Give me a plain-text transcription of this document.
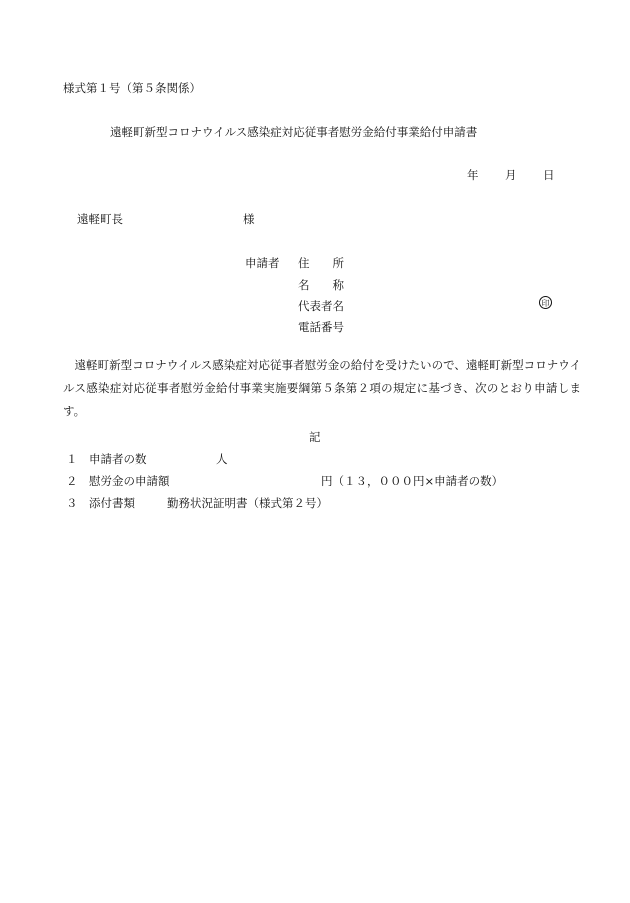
様式第１号（第５条関係）
遠軽町新型コロナウイルス感染症対応従事者慰労金給付事業給付申請書
年 月 日
遠軽町長	様
申請者 住　　所
名　　称
代表者名	印
電話番号
遠軽町新型コロナウイルス感染症対応従事者慰労金の給付を受けたいので、遠軽町新型コロナウイルス感染症対応従事者慰労金給付事業実施要綱第５条第２項の規定に基づき、次のとおり申請します。
記
１ 申請者の数	人
２ 慰労金の申請額	円（１３，０００円×申請者の数）
３ 添付書類	勤務状況証明書（様式第２号）
